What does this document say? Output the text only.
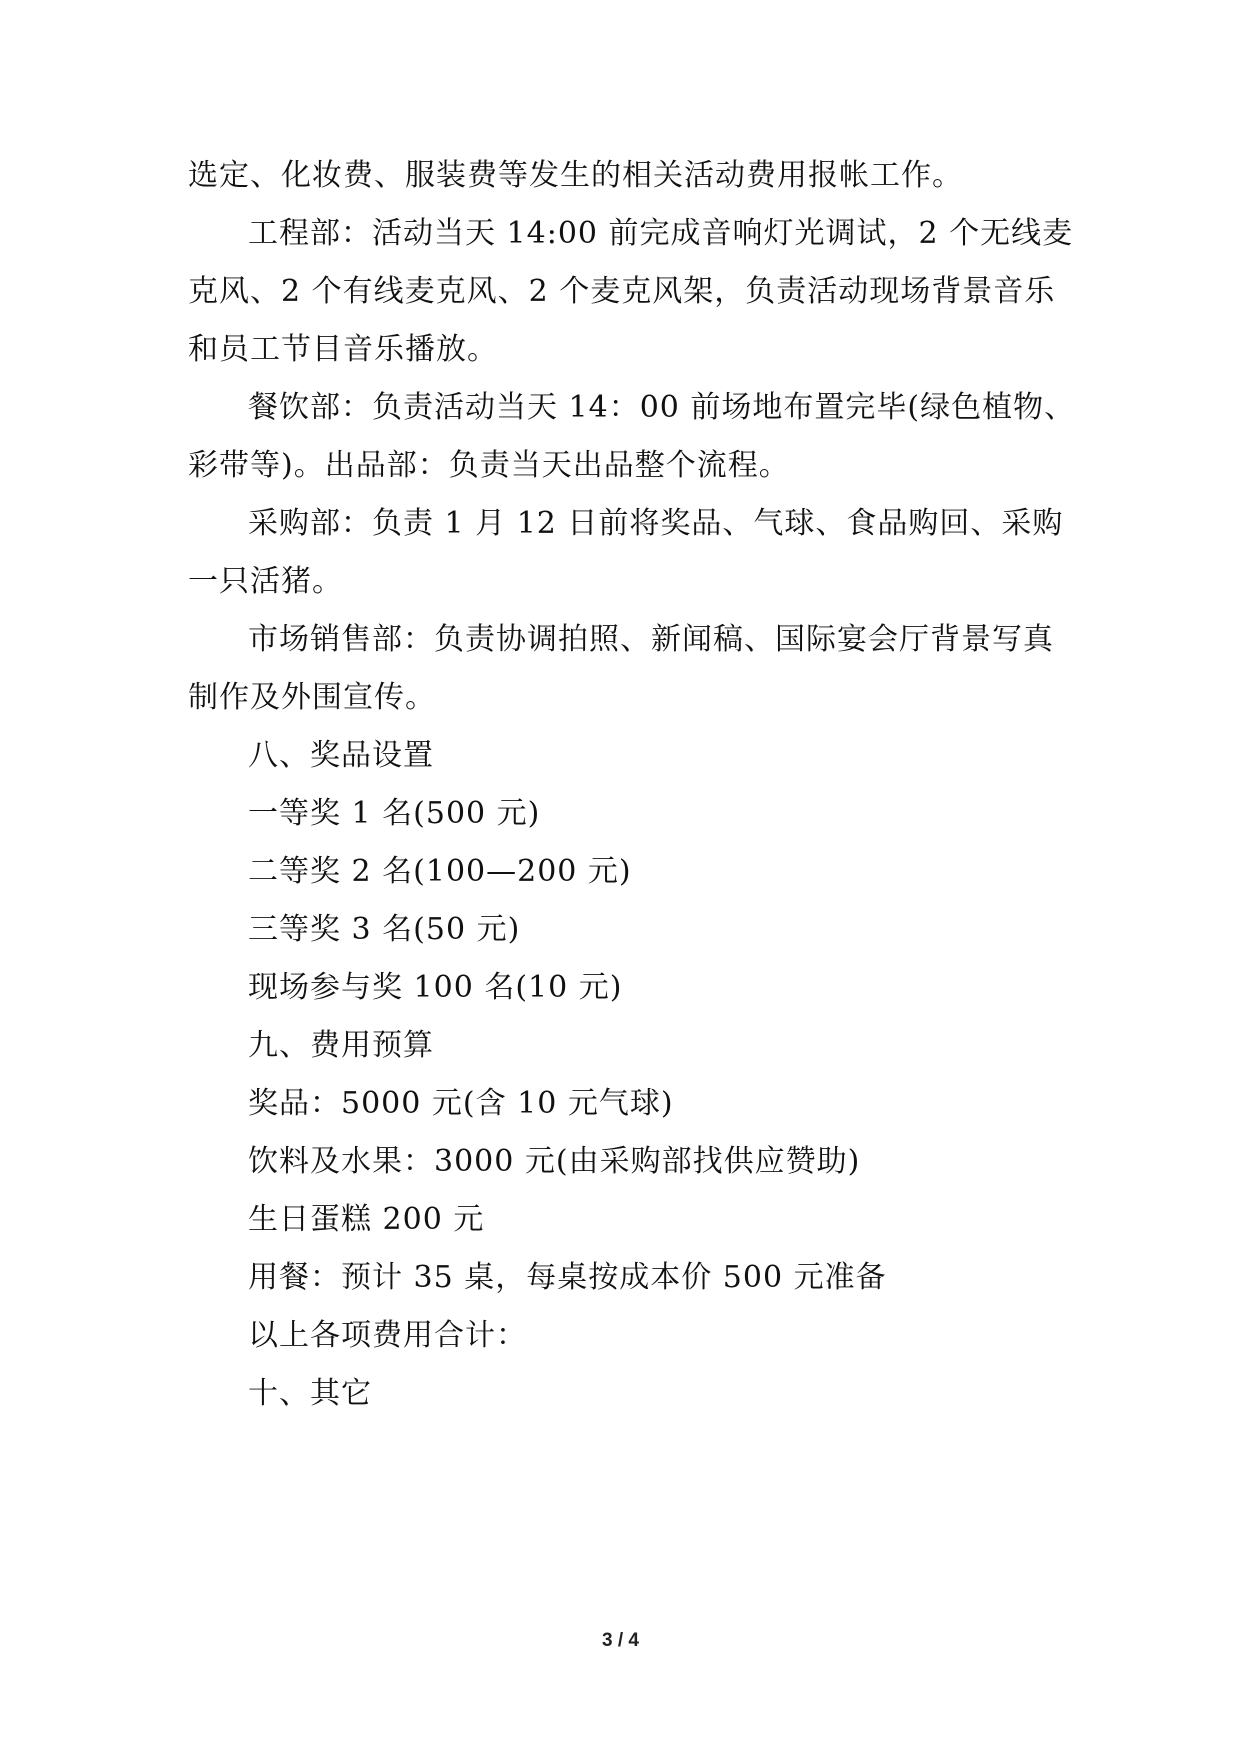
选定、化妆费、服装费等发生的相关活动费用报帐工作。
工程部：活动当天 14:00 前完成音响灯光调试，2 个无线麦
克风、2 个有线麦克风、2 个麦克风架，负责活动现场背景音乐
和员工节目音乐播放。
餐饮部：负责活动当天 14：00 前场地布置完毕(绿色植物、
彩带等)。出品部：负责当天出品整个流程。
采购部：负责 1 月 12 日前将奖品、气球、食品购回、采购
一只活猪。
市场销售部：负责协调拍照、新闻稿、国际宴会厅背景写真
制作及外围宣传。
八、奖品设置
一等奖 1 名(500 元)
二等奖 2 名(100—200 元)
三等奖 3 名(50 元)
现场参与奖 100 名(10 元)
九、费用预算
奖品：5000 元(含 10 元气球)
饮料及水果：3000 元(由采购部找供应赞助)
生日蛋糕 200 元
用餐：预计 35 桌，每桌按成本价 500 元准备
以上各项费用合计：
十、其它
3 / 4
